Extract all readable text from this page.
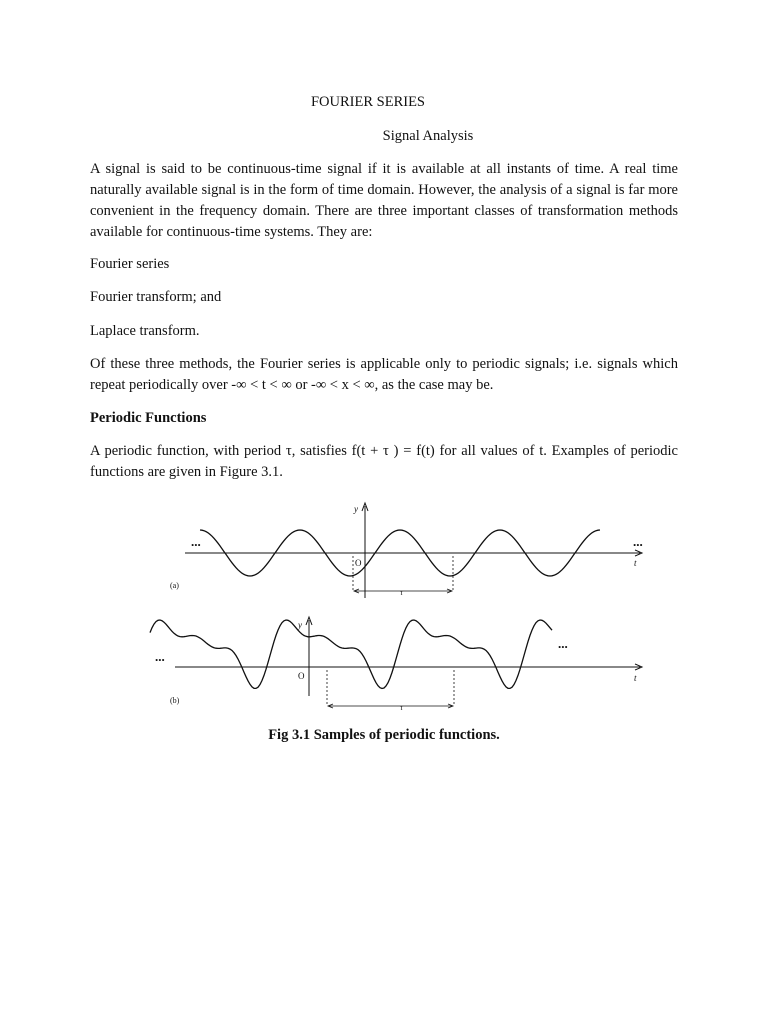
FOURIER SERIES
Signal Analysis

A signal is said to be continuous-time signal if it is available at all instants of time. A real time naturally available signal is in the form of time domain. However, the analysis of a signal is far more convenient in the frequency domain. There are three important classes of transformation methods available for continuous-time systems. They are:

Fourier series
Fourier transform; and
Laplace transform.

Of these three methods, the Fourier series is applicable only to periodic signals; i.e. signals which repeat periodically over -∞ < t < ∞ or -∞ < x < ∞, as the case may be.

Periodic Functions

A periodic function, with period τ, satisfies f(t + τ ) = f(t) for all values of t. Examples of periodic functions are given in Figure 3.1.

...	...
y
t
O
τ
(a)
...
...
y
t
O
τ
(b)
Fig 3.1 Samples of periodic functions.
